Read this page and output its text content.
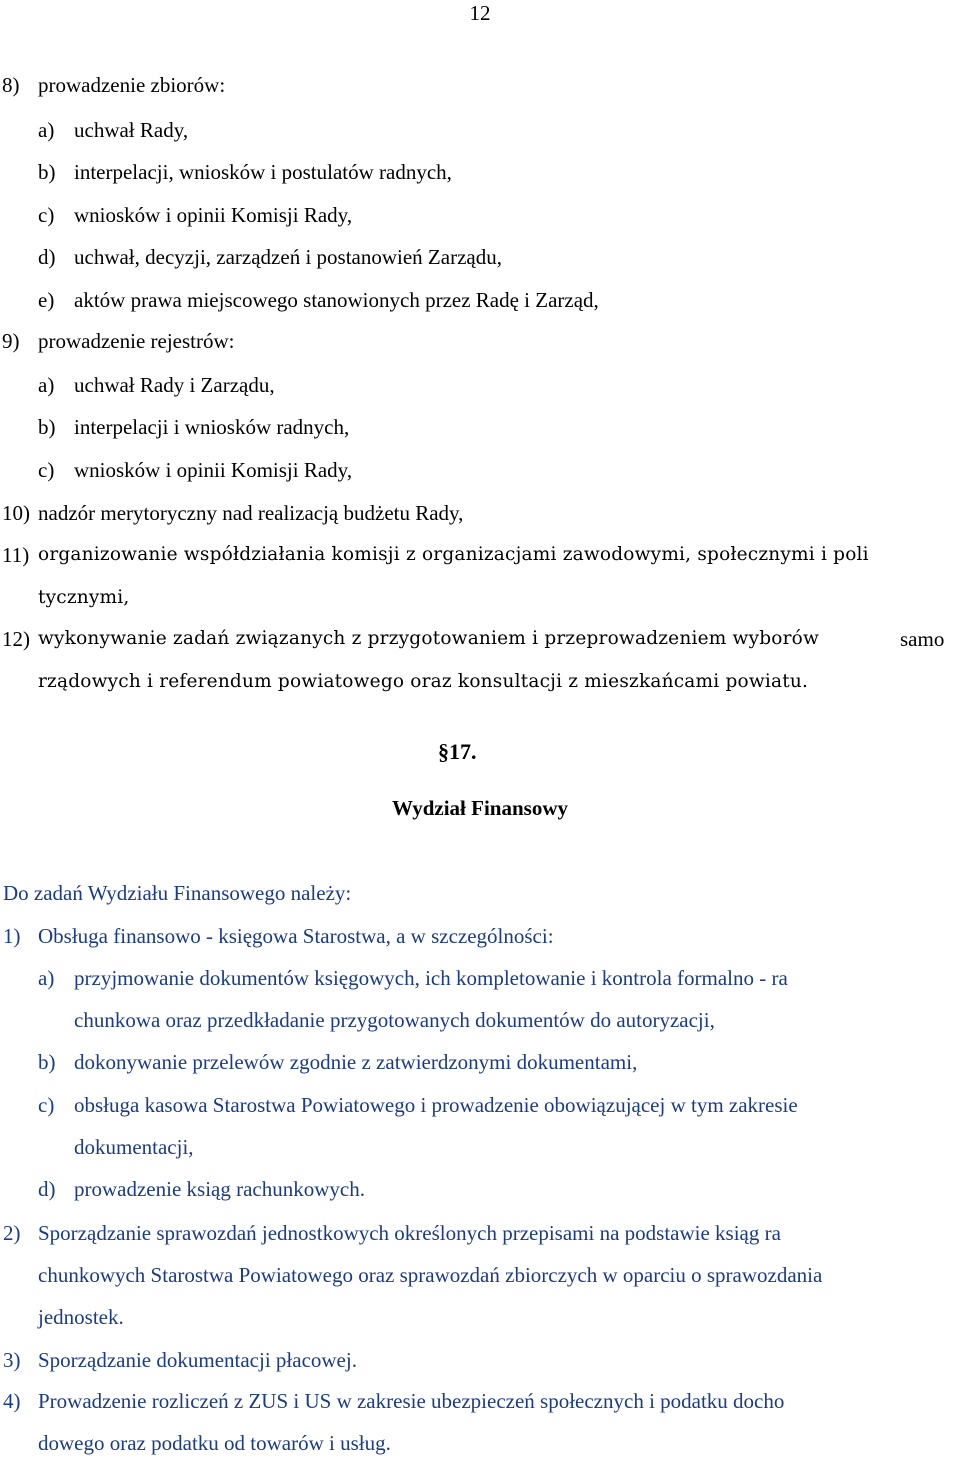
12
8) prowadzenie zbiorów:
a) uchwał Rady,
b) interpelacji, wniosków i postulatów radnych,
c) wniosków i opinii Komisji Rady,
d) uchwał, decyzji, zarządzeń i postanowień Zarządu,
e) aktów prawa miejscowego stanowionych przez Radę i Zarząd,
9) prowadzenie rejestrów:
a) uchwał Rady i Zarządu,
b) interpelacji i wniosków radnych,
c) wniosków i opinii Komisji Rady,
10) nadzór merytoryczny nad realizacją budżetu Rady,
11) organizowanie współdziałania komisji z organizacjami zawodowymi, społecznymi i poli
tycznymi,
12) wykonywanie zadań związanych z przygotowaniem i przeprowadzeniem wyborów	samo
rządowych i referendum powiatowego oraz konsultacji z mieszkańcami powiatu.
§17.
Wydział Finansowy
Do zadań Wydziału Finansowego należy:
1) Obsługa finansowo - księgowa Starostwa, a w szczególności:
a) przyjmowanie dokumentów księgowych, ich kompletowanie i kontrola formalno - ra
chunkowa oraz przedkładanie przygotowanych dokumentów do autoryzacji,
b) dokonywanie przelewów zgodnie z zatwierdzonymi dokumentami,
c) obsługa kasowa Starostwa Powiatowego i prowadzenie obowiązującej w tym zakresie
dokumentacji,
d) prowadzenie ksiąg rachunkowych.
2) Sporządzanie sprawozdań jednostkowych określonych przepisami na podstawie ksiąg ra
chunkowych Starostwa Powiatowego oraz sprawozdań zbiorczych w oparciu o sprawozdania
jednostek.
3) Sporządzanie dokumentacji płacowej.
4) Prowadzenie rozliczeń z ZUS i US w zakresie ubezpieczeń społecznych i podatku docho
dowego oraz podatku od towarów i usług.
